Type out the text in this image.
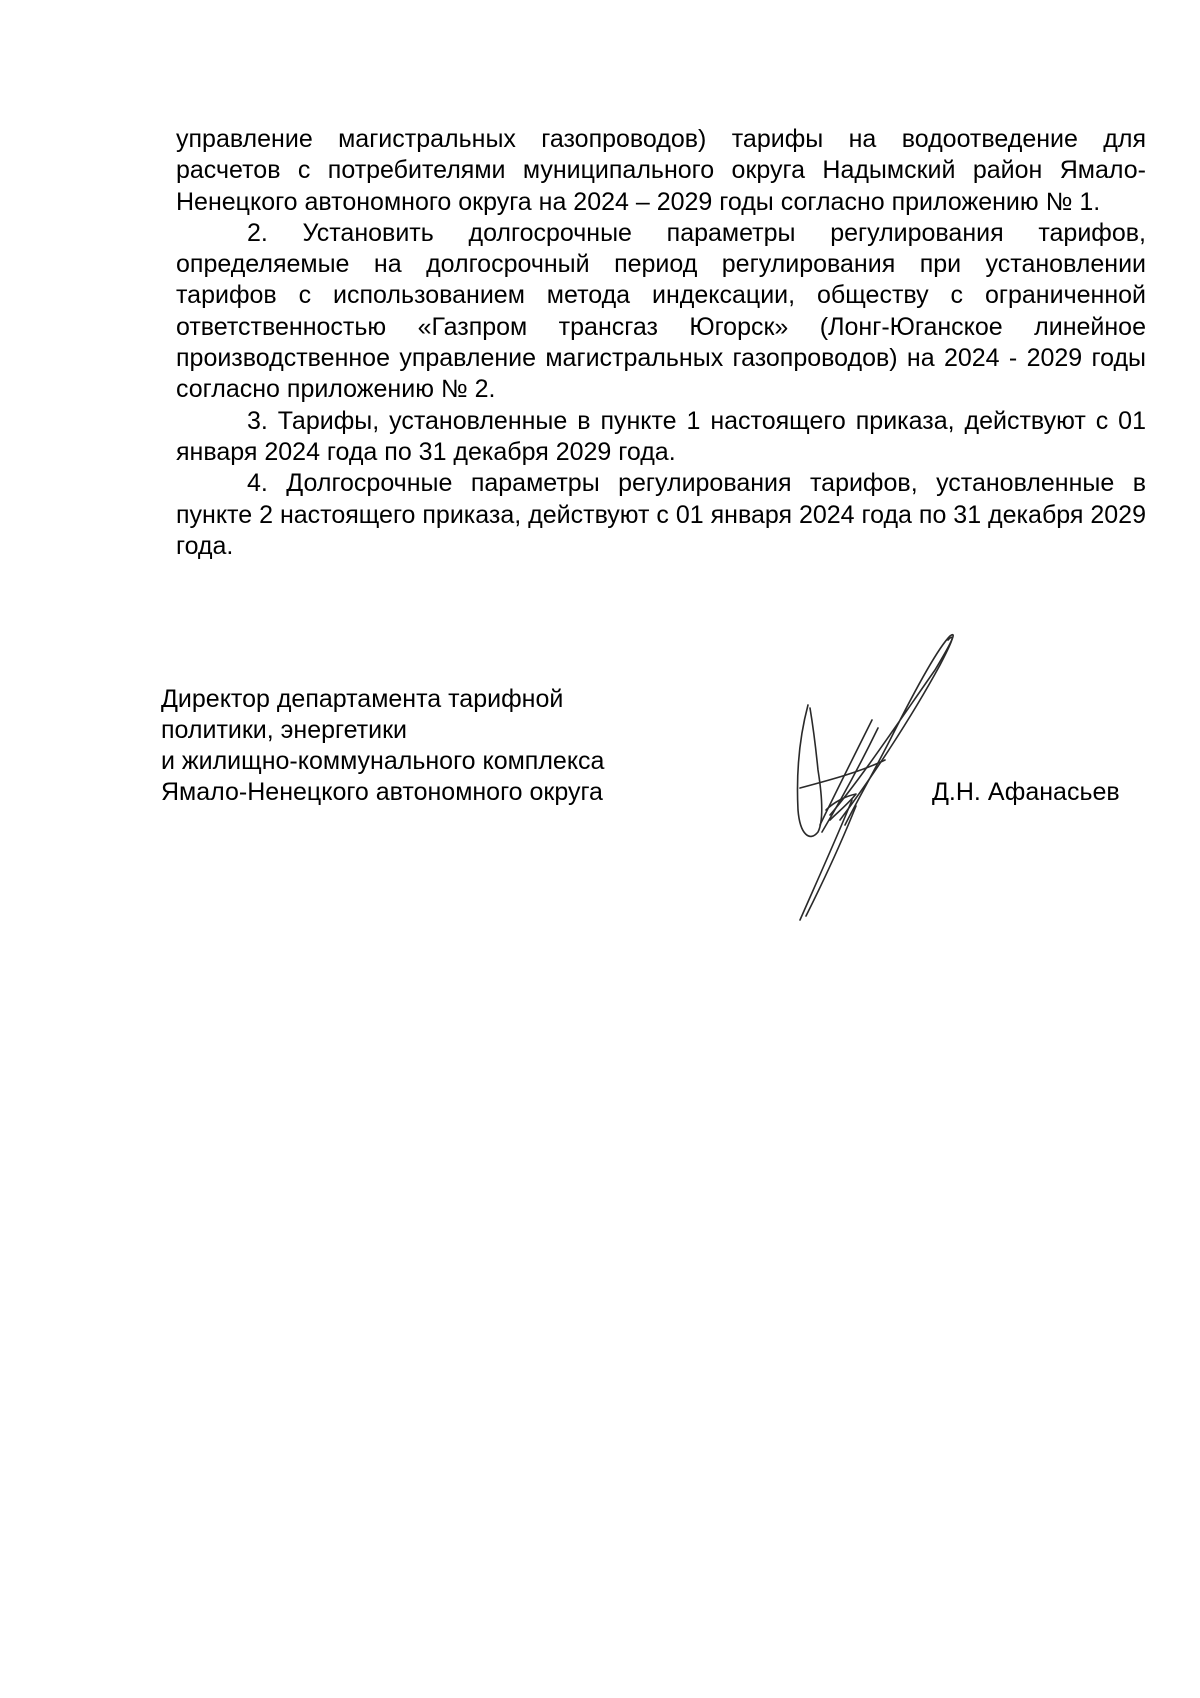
управление магистральных газопроводов) тарифы на водоотведение для расчетов с потребителями муниципального округа Надымский район Ямало-Ненецкого автономного округа на 2024 – 2029 годы согласно приложению № 1.

2. Установить долгосрочные параметры регулирования тарифов, определяемые на долгосрочный период регулирования при установлении тарифов с использованием метода индексации, обществу с ограниченной ответственностью «Газпром трансгаз Югорск» (Лонг-Юганское линейное производственное управление магистральных газопроводов) на 2024 - 2029 годы согласно приложению № 2.

3. Тарифы, установленные в пункте 1 настоящего приказа, действуют с 01 января 2024 года по 31 декабря 2029 года.

4. Долгосрочные параметры регулирования тарифов, установленные в пункте 2 настоящего приказа, действуют с 01 января 2024 года по 31 декабря 2029 года.

Директор департамента тарифной
политики, энергетики
и жилищно-коммунального комплекса
Ямало-Ненецкого автономного округа	Д.Н. Афанасьев
